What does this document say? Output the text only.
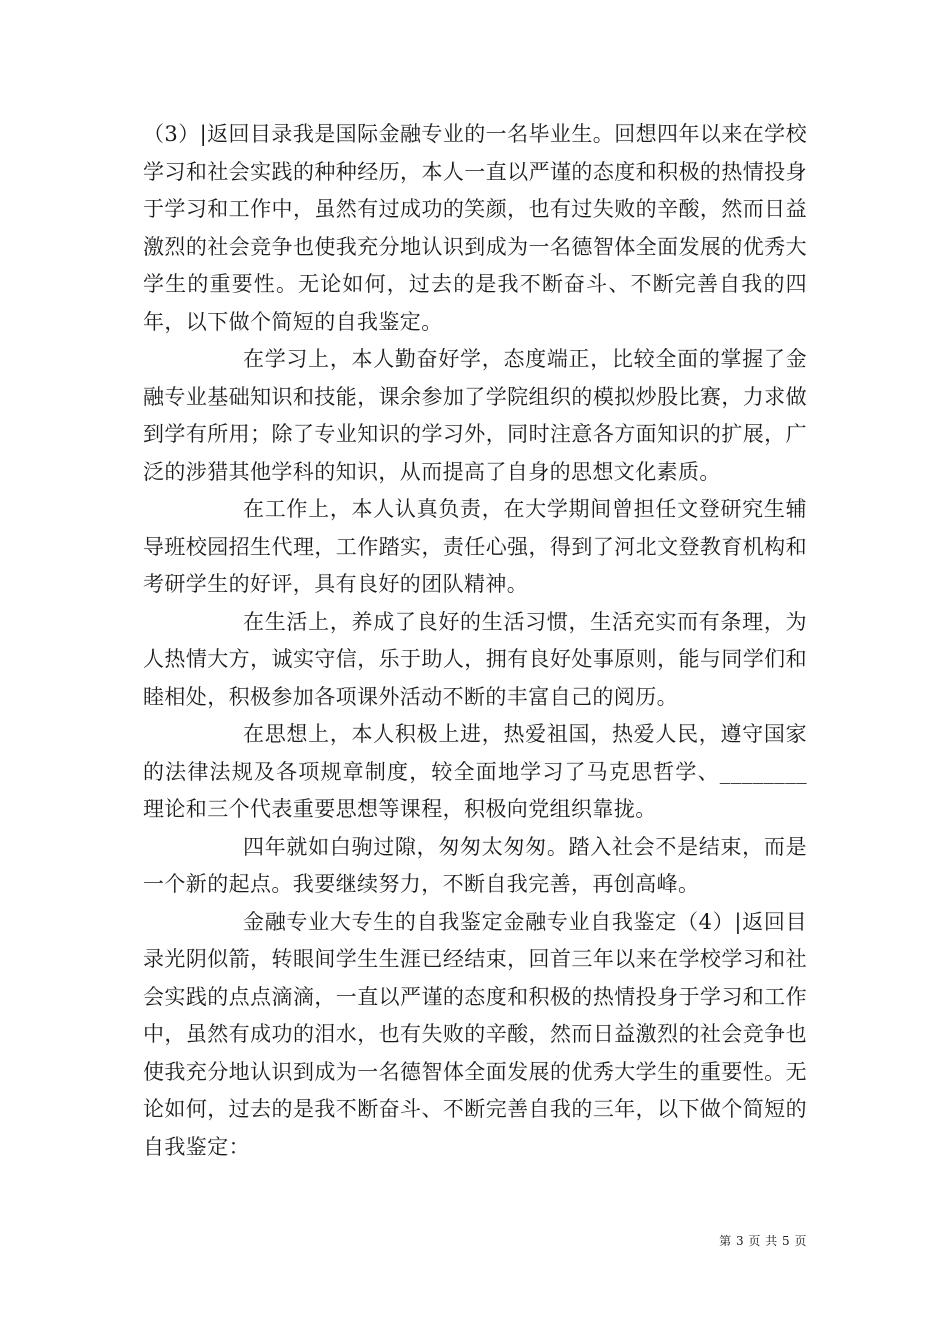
（3）|返回目录我是国际金融专业的一名毕业生。回想四年以来在学校学习和社会实践的种种经历，本人一直以严谨的态度和积极的热情投身于学习和工作中，虽然有过成功的笑颜，也有过失败的辛酸，然而日益激烈的社会竞争也使我充分地认识到成为一名德智体全面发展的优秀大学生的重要性。无论如何，过去的是我不断奋斗、不断完善自我的四年，以下做个简短的自我鉴定。

在学习上，本人勤奋好学，态度端正，比较全面的掌握了金融专业基础知识和技能，课余参加了学院组织的模拟炒股比赛，力求做到学有所用；除了专业知识的学习外，同时注意各方面知识的扩展，广泛的涉猎其他学科的知识，从而提高了自身的思想文化素质。

在工作上，本人认真负责，在大学期间曾担任文登研究生辅导班校园招生代理，工作踏实，责任心强，得到了河北文登教育机构和考研学生的好评，具有良好的团队精神。

在生活上，养成了良好的生活习惯，生活充实而有条理，为人热情大方，诚实守信，乐于助人，拥有良好处事原则，能与同学们和睦相处，积极参加各项课外活动不断的丰富自己的阅历。

在思想上，本人积极上进，热爱祖国，热爱人民，遵守国家的法律法规及各项规章制度，较全面地学习了马克思哲学、________理论和三个代表重要思想等课程，积极向党组织靠拢。

四年就如白驹过隙，匆匆太匆匆。踏入社会不是结束，而是一个新的起点。我要继续努力，不断自我完善，再创高峰。

金融专业大专生的自我鉴定金融专业自我鉴定（4）|返回目录光阴似箭，转眼间学生生涯已经结束，回首三年以来在学校学习和社会实践的点点滴滴，一直以严谨的态度和积极的热情投身于学习和工作中，虽然有成功的泪水，也有失败的辛酸，然而日益激烈的社会竞争也使我充分地认识到成为一名德智体全面发展的优秀大学生的重要性。无论如何，过去的是我不断奋斗、不断完善自我的三年，以下做个简短的自我鉴定：

第 3 页 共 5 页
